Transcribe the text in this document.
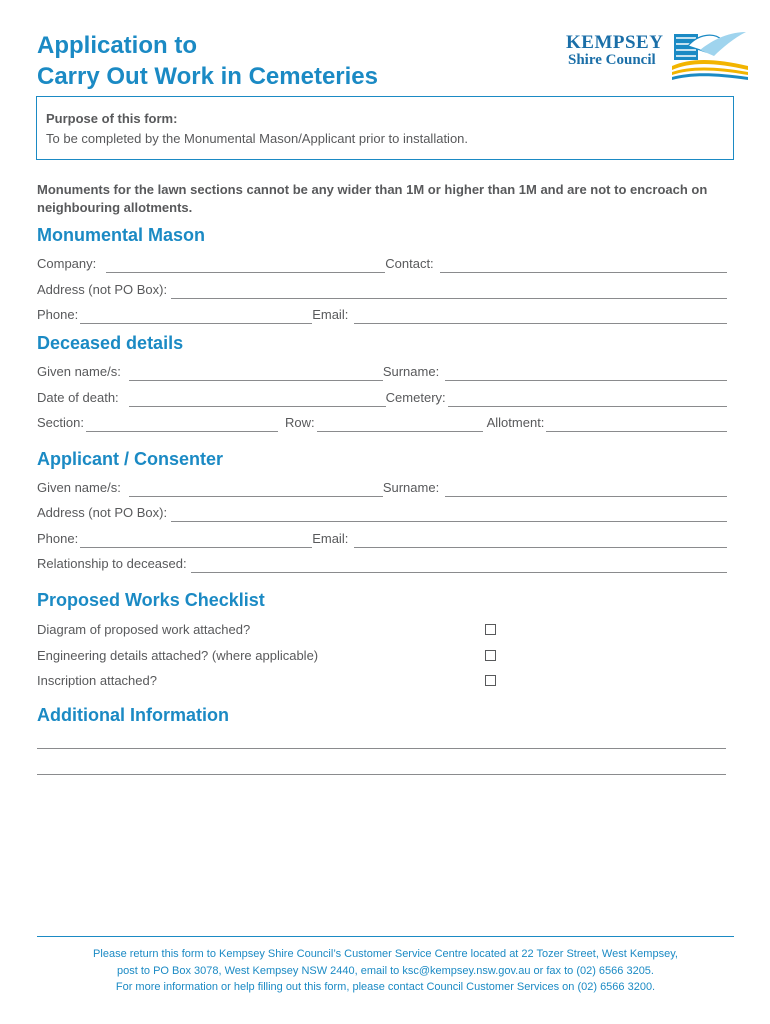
Application to
Carry Out Work in Cemeteries
KEMPSEY
Shire Council
Purpose of this form:
To be completed by the Monumental Mason/Applicant prior to installation.
Monuments for the lawn sections cannot be any wider than 1M or higher than 1M and are not to encroach on neighbouring allotments.
Monumental Mason
Company:	Contact:
Address (not PO Box):
Phone:	Email:
Deceased details
Given name/s:	Surname:
Date of death:	Cemetery:
Section:	Row:	Allotment:
Applicant / Consenter
Given name/s:	Surname:
Address (not PO Box):
Phone:	Email:
Relationship to deceased:
Proposed Works Checklist
Diagram of proposed work attached?
Engineering details attached? (where applicable)
Inscription attached?
Additional Information
Please return this form to Kempsey Shire Council’s Customer Service Centre located at 22 Tozer Street, West Kempsey,
post to PO Box 3078, West Kempsey NSW 2440, email to ksc@kempsey.nsw.gov.au or fax to (02) 6566 3205.
For more information or help filling out this form, please contact Council Customer Services on (02) 6566 3200.
